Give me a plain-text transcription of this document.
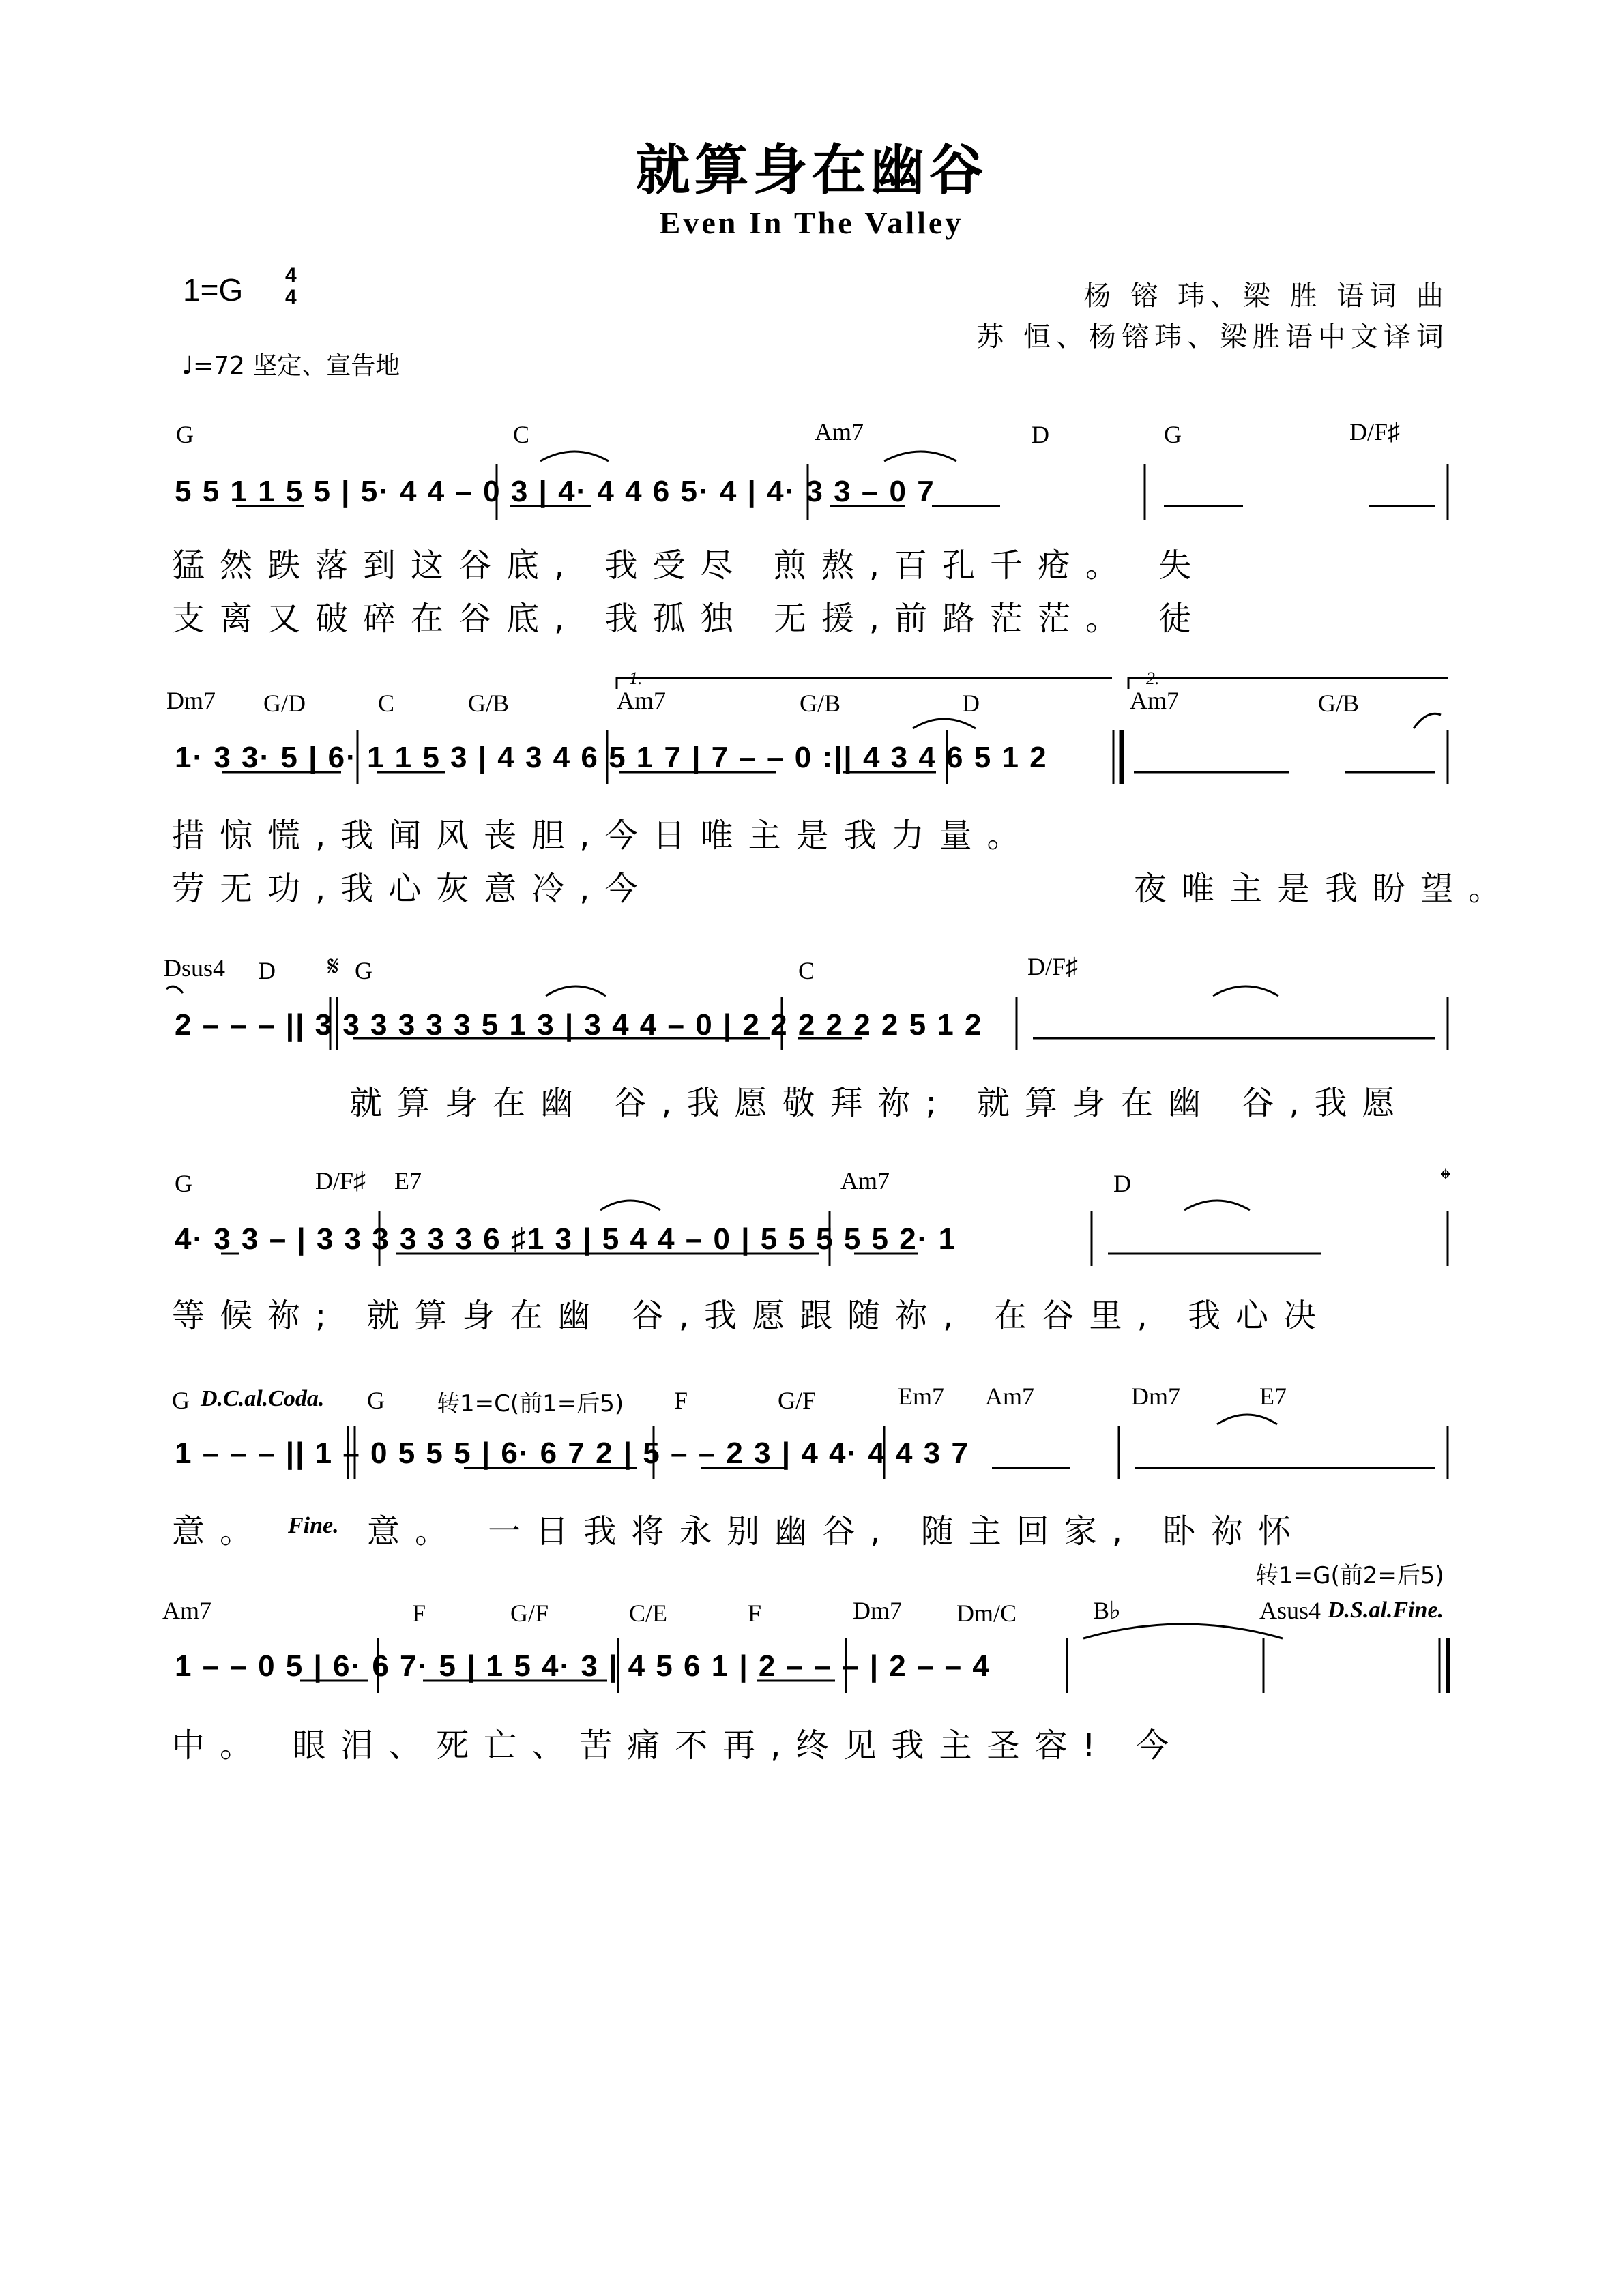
就算身在幽谷
Even In The Valley
1=G 4
4
♩=72 坚定、宣告地
杨 镕 玮、梁 胜 语词 曲
苏 恒、杨镕玮、梁胜语中文译词
G	C	Am7	D	G	D/F♯
5 5 1 1 5 5 | 5· 4 4 – 0 3 | 4· 4 4 6 5· 4 | 4· 3 3 – 0 7
猛然跌落到这谷底, 我受尽 煎熬,百孔千疮。 失
支离又破碎在谷底, 我孤独 无援,前路茫茫。 徒
Dm7 G/D	C	G/B	Am7	G/B	D	Am7	G/B
1.	2.
1· 3 3· 5 | 6· 1 1 5 3 | 4 3 4 6 5 1 7 | 7 – – 0 :|| 4 3 4 6 5 1 2
措惊慌,我闻风丧胆,今日唯主是我力量。
劳无功,我心灰意冷,今	夜唯主是我盼望。
Dsus4 D 𝄋 G	C	D/F♯
2 – – – || 3 3 3 3 3 3 5 1 3 | 3 4 4 – 0 | 2 2 2 2 2 2 5 1 2
就算身在幽 谷,我愿敬拜祢; 就算身在幽 谷,我愿
G	D/F♯ E7	Am7	D	𝄌
4· 3 3 – | 3 3 3 3 3 3 6 ♯1 3 | 5 4 4 – 0 | 5 5 5 5 5 2· 1
等候祢; 就算身在幽 谷,我愿跟随祢, 在谷里, 我心决
G D.C.al.Coda. G 转1=C(前1=后5) F	G/F	Em7 Am7	Dm7	E7
1 – – – || 1 – 0 5 5 5 | 6· 6 7 2 | 5 – – 2 3 | 4 4· 4 4 3 7
意。 Fine. 意。 一日我将永别幽谷, 随主回家, 卧祢怀
转1=G(前2=后5)
Am7	F	G/F	C/E	F	Dm7 Dm/C	B♭	Asus4 D.S.al.Fine.
1 – – 0 5 | 6· 6 7· 5 | 1 5 4· 3 | 4 5 6 1 | 2 – – – | 2 – – 4
中。 眼泪、死亡、苦痛不再,终见我主圣容! 今
